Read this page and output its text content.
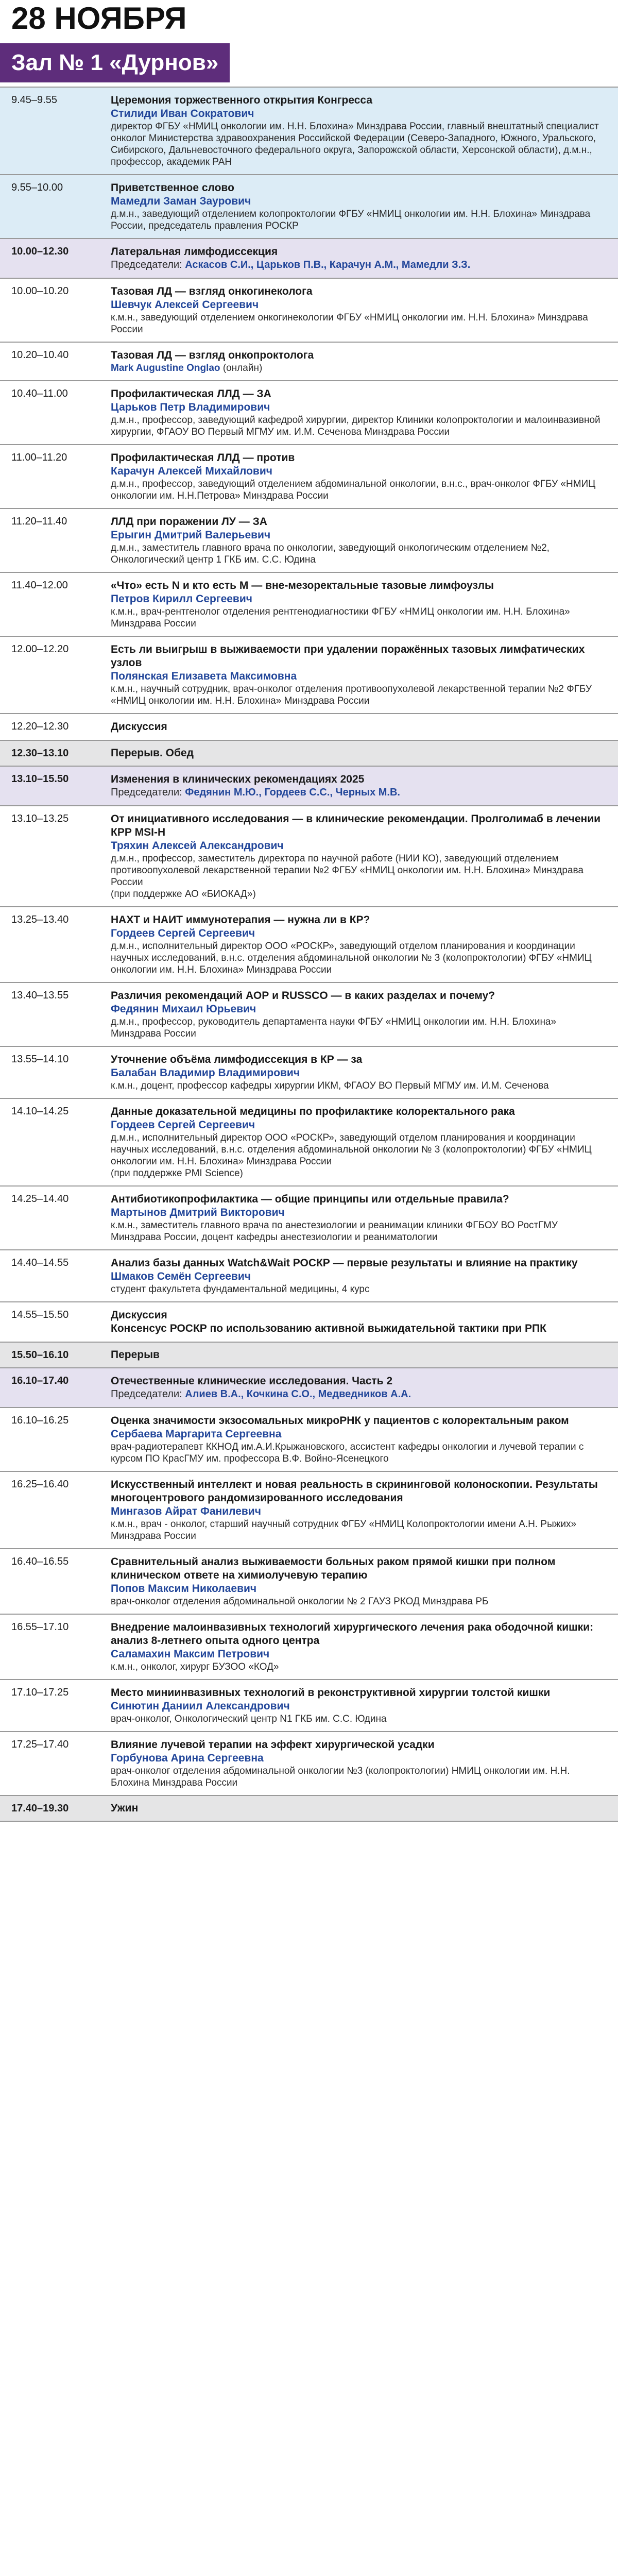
28 НОЯБРЯ
Зал № 1 «Дурнов»
9.45–9.55	Церемония торжественного открытия Конгресса
Стилиди Иван Сократович
директор ФГБУ «НМИЦ онкологии им. Н.Н. Блохина» Минздрава России, главный внештатный специалист онколог Министерства здравоохранения Российской Федерации (Северо-Западного, Южного, Уральского, Сибирского, Дальневосточного федерального округа, Запорожской области, Херсонской области), д.м.н., профессор, академик РАН
9.55–10.00	Приветственное слово
Мамедли Заман Заурович
д.м.н., заведующий отделением колопроктологии ФГБУ «НМИЦ онкологии им. Н.Н. Блохина» Минздрава России, председатель правления РОСКР
10.00–12.30	Латеральная лимфодиссекция
Председатели: Аскасов С.И., Царьков П.В., Карачун А.М., Мамедли З.З.
10.00–10.20	Тазовая ЛД — взгляд онкогинеколога
Шевчук Алексей Сергеевич
к.м.н., заведующий отделением онкогинекологии ФГБУ «НМИЦ онкологии им. Н.Н. Блохина» Минздрава России
10.20–10.40	Тазовая ЛД — взгляд онкопроктолога
Mark Augustine Onglao (онлайн)
10.40–11.00	Профилактическая ЛЛД — ЗА
Царьков Петр Владимирович
д.м.н., профессор, заведующий кафедрой хирургии, директор Клиники колопроктологии и малоинвазивной хирургии, ФГАОУ ВО Первый МГМУ им. И.М. Сеченова Минздрава России
11.00–11.20	Профилактическая ЛЛД — против
Карачун Алексей Михайлович
д.м.н., профессор, заведующий отделением абдоминальной онкологии, в.н.с., врач-онколог ФГБУ «НМИЦ онкологии им. Н.Н.Петрова» Минздрава России
11.20–11.40	ЛЛД при поражении ЛУ — ЗА
Ерыгин Дмитрий Валерьевич
д.м.н., заместитель главного врача по онкологии, заведующий онкологическим отделением №2, Онкологический центр 1 ГКБ им. С.С. Юдина
11.40–12.00	«Что» есть N и кто есть M — вне-мезоректальные тазовые лимфоузлы
Петров Кирилл Сергеевич
к.м.н., врач-рентгенолог отделения рентгенодиагностики ФГБУ «НМИЦ онкологии им. Н.Н. Блохина» Минздрава России
12.00–12.20	Есть ли выигрыш в выживаемости при удалении поражённых тазовых лимфатических узлов
Полянская Елизавета Максимовна
к.м.н., научный сотрудник, врач-онколог отделения противоопухолевой лекарственной терапии №2 ФГБУ «НМИЦ онкологии им. Н.Н. Блохина» Минздрава России
12.20–12.30	Дискуссия
12.30–13.10	Перерыв. Обед
13.10–15.50	Изменения в клинических рекомендациях 2025
Председатели: Федянин М.Ю., Гордеев С.С., Черных М.В.
13.10–13.25	От инициативного исследования — в клинические рекомендации. Пролголимаб в лечении КРР MSI-H
Тряхин Алексей Александрович
д.м.н., профессор, заместитель директора по научной работе (НИИ КО), заведующий отделением противоопухолевой лекарственной терапии №2 ФГБУ «НМИЦ онкологии им. Н.Н. Блохина» Минздрава России
(при поддержке АО «БИОКАД»)
13.25–13.40	НАХТ и НАИТ иммунотерапия — нужна ли в КР?
Гордеев Сергей Сергеевич
д.м.н., исполнительный директор ООО «РОСКР», заведующий отделом планирования и координации научных исследований, в.н.с. отделения абдоминальной онкологии № 3 (колопроктологии) ФГБУ «НМИЦ онкологии им. Н.Н. Блохина» Минздрава России
13.40–13.55	Различия рекомендаций АОР и RUSSCO — в каких разделах и почему?
Федянин Михаил Юрьевич
д.м.н., профессор, руководитель департамента науки ФГБУ «НМИЦ онкологии им. Н.Н. Блохина» Минздрава России
13.55–14.10	Уточнение объёма лимфодиссекция в КР — за
Балабан Владимир Владимирович
к.м.н., доцент, профессор кафедры хирургии ИКМ, ФГАОУ ВО Первый МГМУ им. И.М. Сеченова
14.10–14.25	Данные доказательной медицины по профилактике колоректального рака
Гордеев Сергей Сергеевич
д.м.н., исполнительный директор ООО «РОСКР», заведующий отделом планирования и координации научных исследований, в.н.с. отделения абдоминальной онкологии № 3 (колопроктологии) ФГБУ «НМИЦ онкологии им. Н.Н. Блохина» Минздрава России
(при поддержке PMI Science)
14.25–14.40	Антибиотикопрофилактика — общие принципы или отдельные правила?
Мартынов Дмитрий Викторович
к.м.н., заместитель главного врача по анестезиологии и реанимации клиники ФГБОУ ВО РостГМУ Минздрава России, доцент кафедры анестезиологии и реаниматологии
14.40–14.55	Анализ базы данных Watch&Wait РОСКР — первые результаты и влияние на практику
Шмаков Семён Сергеевич
студент факультета фундаментальной медицины, 4 курс
14.55–15.50	Дискуссия
Консенсус РОСКР по использованию активной выжидательной тактики при РПК
15.50–16.10	Перерыв
16.10–17.40	Отечественные клинические исследования. Часть 2
Председатели: Алиев В.А., Кочкина С.О., Медведников А.А.
16.10–16.25	Оценка значимости экзосомальных микроРНК у пациентов с колоректальным раком
Сербаева Маргарита Сергеевна
врач-радиотерапевт ККНОД им.А.И.Крыжановского, ассистент кафедры онкологии и лучевой терапии с курсом ПО КрасГМУ им. профессора В.Ф. Войно-Ясенецкого
16.25–16.40	Искусственный интеллект и новая реальность в скрининговой колоноскопии. Результаты многоцентрового рандомизированного исследования
Мингазов Айрат Фанилевич
к.м.н., врач - онколог, старший научный сотрудник ФГБУ «НМИЦ Колопроктологии имени А.Н. Рыжих» Минздрава России
16.40–16.55	Сравнительный анализ выживаемости больных раком прямой кишки при полном клиническом ответе на химиолучевую терапию
Попов Максим Николаевич
врач-онколог отделения абдоминальной онкологии № 2 ГАУЗ РКОД Минздрава РБ
16.55–17.10	Внедрение малоинвазивных технологий хирургического лечения рака ободочной кишки: анализ 8-летнего опыта одного центра
Саламахин Максим Петрович
к.м.н., онколог, хирург БУЗОО «КОД»
17.10–17.25	Место миниинвазивных технологий в реконструктивной хирургии толстой кишки
Синютин Даниил Александрович
врач-онколог, Онкологический центр N1 ГКБ им. С.С. Юдина
17.25–17.40	Влияние лучевой терапии на эффект хирургической усадки
Горбунова Арина Сергеевна
врач-онколог отделения абдоминальной онкологии №3 (колопроктологии) НМИЦ онкологии им. Н.Н. Блохина Минздрава России
17.40–19.30	Ужин
